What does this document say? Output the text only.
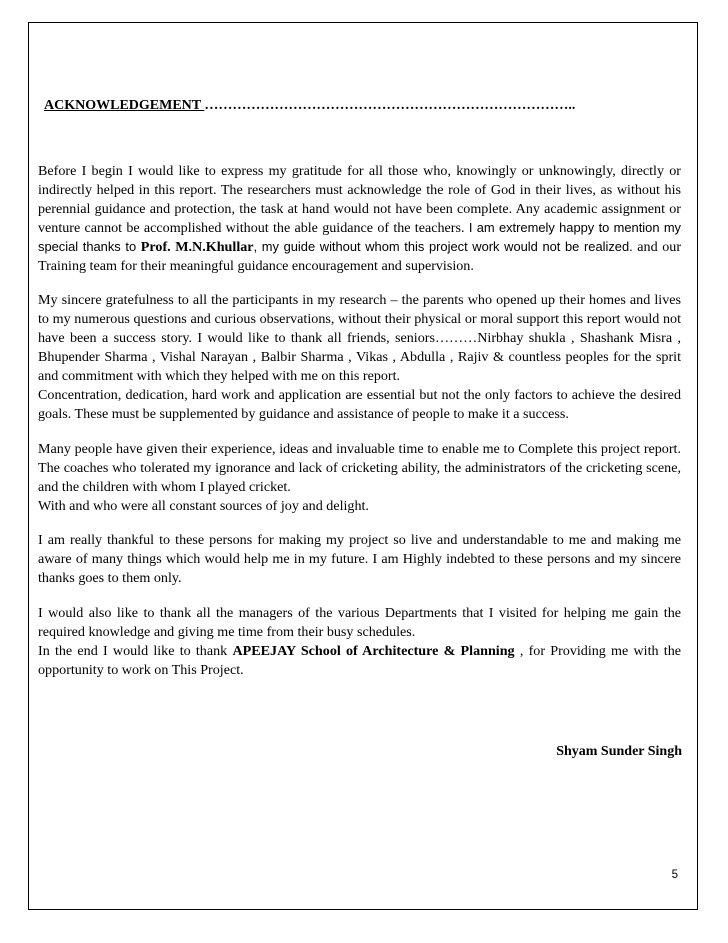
ACKNOWLEDGEMENT ……………………………………………………………………..

Before I begin I would like to express my gratitude for all those who, knowingly or unknowingly, directly or indirectly helped in this report. The researchers must acknowledge the role of God in their lives, as without his perennial guidance and protection, the task at hand would not have been complete. Any academic assignment or venture cannot be accomplished without the able guidance of the teachers. I am extremely happy to mention my special thanks to Prof. M.N.Khullar, my guide without whom this project work would not be realized. and our Training team for their meaningful guidance encouragement and supervision.

My sincere gratefulness to all the participants in my research – the parents who opened up their homes and lives to my numerous questions and curious observations, without their physical or moral support this report would not have been a success story. I would like to thank all friends, seniors………Nirbhay shukla , Shashank Misra , Bhupender Sharma , Vishal Narayan , Balbir Sharma , Vikas , Abdulla , Rajiv & countless peoples for the sprit and commitment with which they helped with me on this report.
Concentration, dedication, hard work and application are essential but not the only factors to achieve the desired goals. These must be supplemented by guidance and assistance of people to make it a success.

Many people have given their experience, ideas and invaluable time to enable me to Complete this project report. The coaches who tolerated my ignorance and lack of cricketing ability, the administrators of the cricketing scene, and the children with whom I played cricket.
With and who were all constant sources of joy and delight.

I am really thankful to these persons for making my project so live and understandable to me and making me aware of many things which would help me in my future. I am Highly indebted to these persons and my sincere thanks goes to them only.

I would also like to thank all the managers of the various Departments that I visited for helping me gain the required knowledge and giving me time from their busy schedules.
In the end I would like to thank APEEJAY School of Architecture & Planning , for Providing me with the opportunity to work on This Project.

Shyam Sunder Singh
5
